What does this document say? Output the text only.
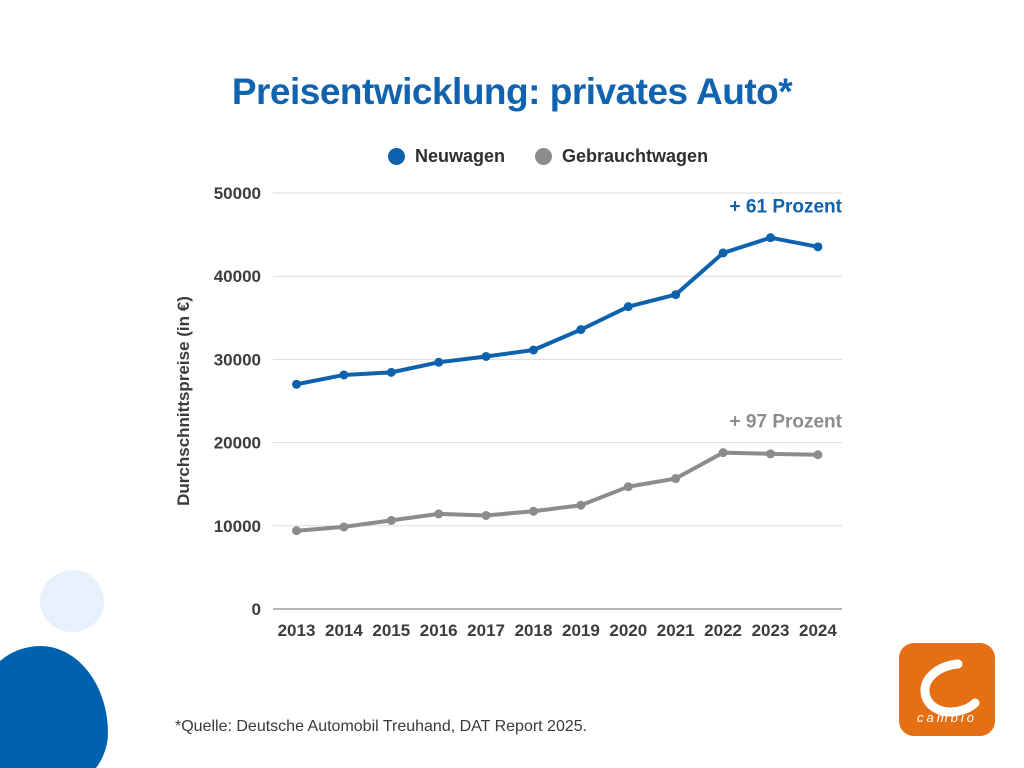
Preisentwicklung: privates Auto*
Neuwagen	Gebrauchtwagen
0
10000
20000
30000
40000
50000
2013 2014 2015 2016 2017 2018 2019 2020 2021 2022 2023 2024
Durchschnittspreise (in €)
+ 61 Prozent
+ 97 Prozent
*Quelle: Deutsche Automobil Treuhand, DAT Report 2025.
cambio
